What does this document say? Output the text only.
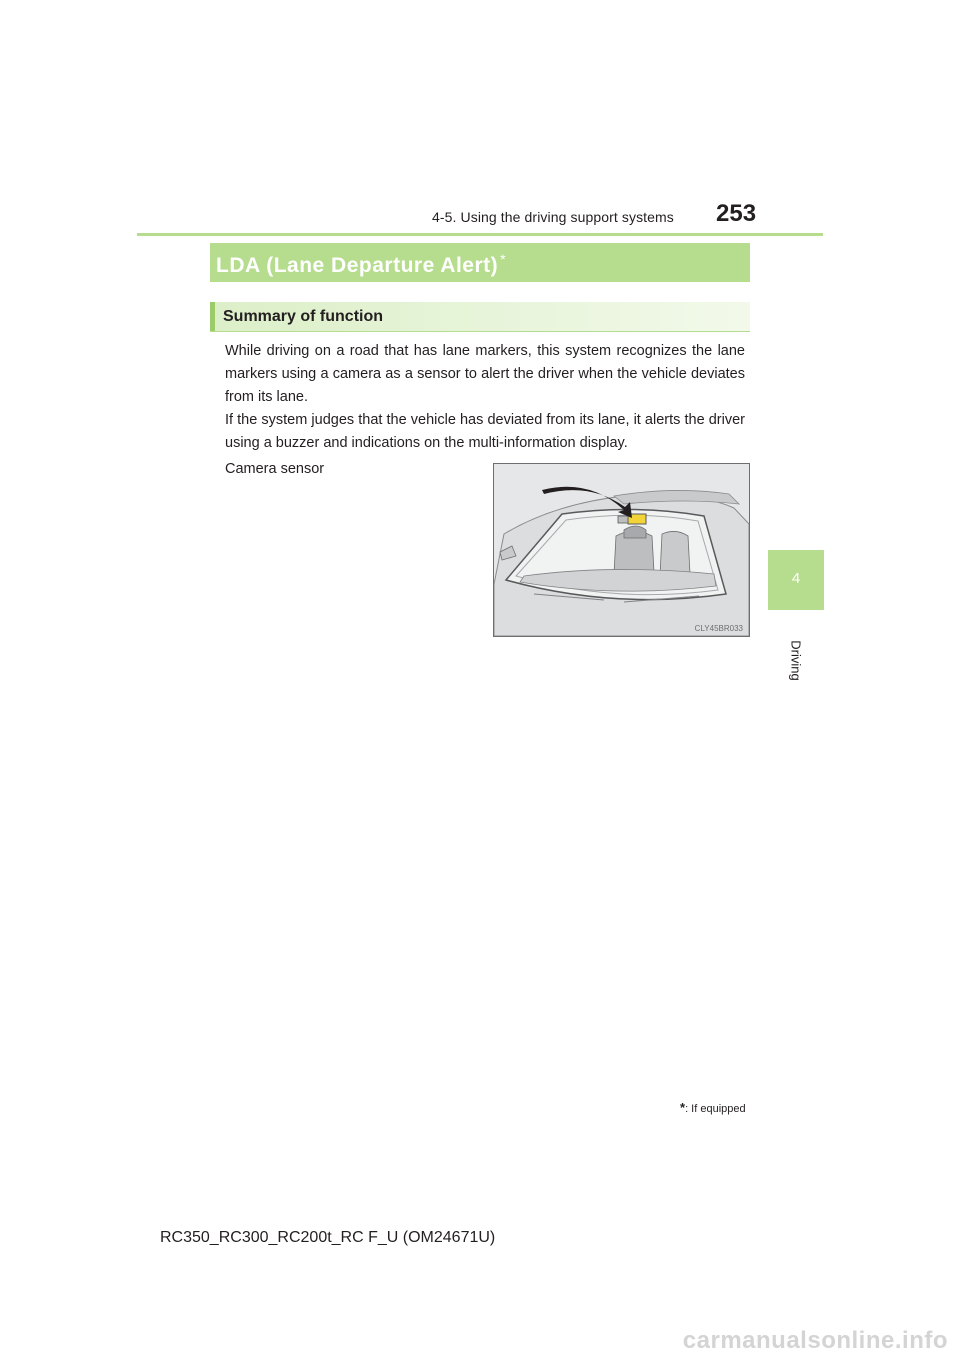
4-5. Using the driving support systems 253
4
Driving
LDA (Lane Departure Alert) *
Summary of function

While driving on a road that has lane markers, this system recognizes the lane markers using a camera as a sensor to alert the driver when the vehicle deviates from its lane.

If the system judges that the vehicle has deviated from its lane, it alerts the driver using a buzzer and indications on the multi-information display.

Camera sensor
CLY45BR033
*: If equipped
RC350_RC300_RC200t_RC F_U (OM24671U)
carmanualsonline.info
